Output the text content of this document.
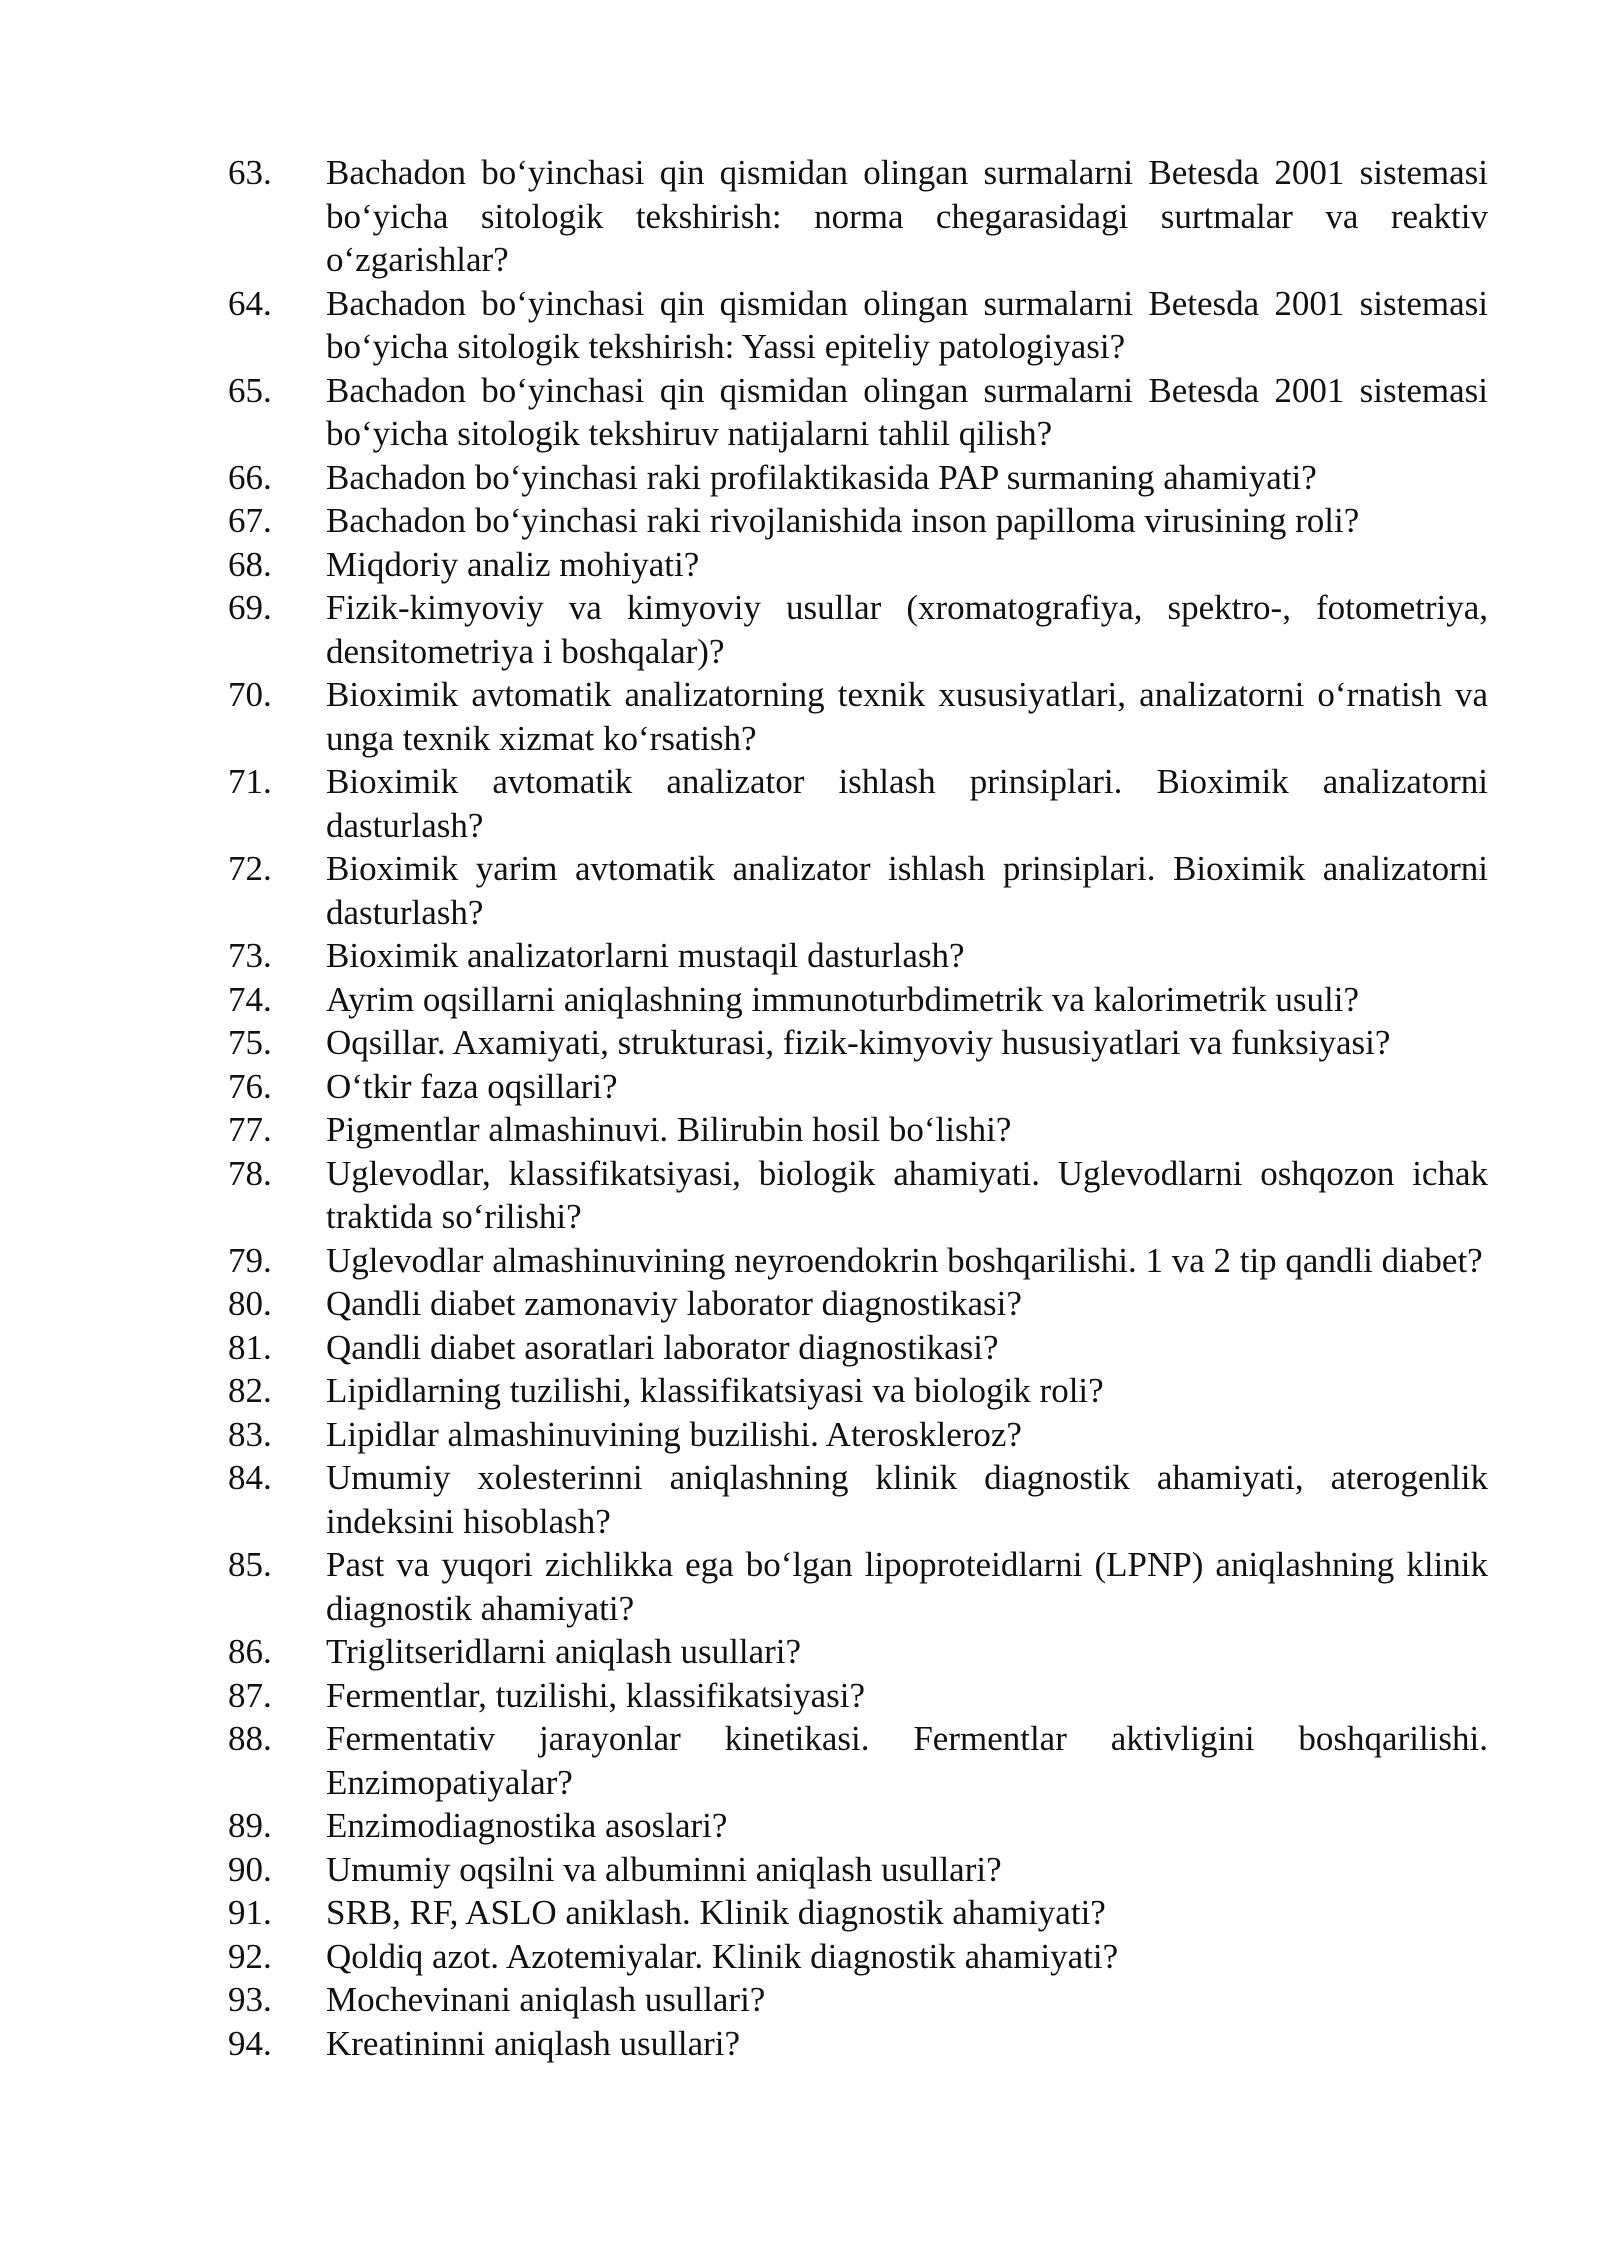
63.	Bachadon bo‘yinchasi qin qismidan olingan surmalarni Betesda 2001 sistemasi bo‘yicha sitologik tekshirish: norma chegarasidagi surtmalar va reaktiv o‘zgarishlar?
64.	Bachadon bo‘yinchasi qin qismidan olingan surmalarni Betesda 2001 sistemasi bo‘yicha sitologik tekshirish: Yassi epiteliy patologiyasi?
65.	Bachadon bo‘yinchasi qin qismidan olingan surmalarni Betesda 2001 sistemasi bo‘yicha sitologik tekshiruv natijalarni tahlil qilish?
66.	Bachadon bo‘yinchasi raki profilaktikasida PAP surmaning ahamiyati?
67.	Bachadon bo‘yinchasi raki rivojlanishida inson papilloma virusining roli?
68.	Miqdoriy analiz mohiyati?
69.	Fizik-kimyoviy va kimyoviy usullar (xromatografiya, spektro-, fotometriya, densitometriya i boshqalar)?
70.	Bioximik avtomatik analizatorning texnik xususiyatlari, analizatorni o‘rnatish va unga texnik xizmat ko‘rsatish?
71.	Bioximik avtomatik analizator ishlash prinsiplari. Bioximik analizatorni dasturlash?
72.	Bioximik yarim avtomatik analizator ishlash prinsiplari. Bioximik analizatorni dasturlash?
73.	Bioximik analizatorlarni mustaqil dasturlash?
74.	Ayrim oqsillarni aniqlashning immunoturbdimetrik va kalorimetrik usuli?
75.	Oqsillar. Axamiyati, strukturasi, fizik-kimyoviy hususiyatlari va funksiyasi?
76.	O‘tkir faza oqsillari?
77.	Pigmentlar almashinuvi. Bilirubin hosil bo‘lishi?
78.	Uglevodlar, klassifikatsiyasi, biologik ahamiyati. Uglevodlarni oshqozon ichak traktida so‘rilishi?
79.	Uglevodlar almashinuvining neyroendokrin boshqarilishi. 1 va 2 tip qandli diabet?
80.	Qandli diabet zamonaviy laborator diagnostikasi?
81.	Qandli diabet asoratlari laborator diagnostikasi?
82.	Lipidlarning tuzilishi, klassifikatsiyasi va biologik roli?
83.	Lipidlar almashinuvining buzilishi. Ateroskleroz?
84.	Umumiy xolesterinni aniqlashning klinik diagnostik ahamiyati, aterogenlik indeksini hisoblash?
85.	Past va yuqori zichlikka ega bo‘lgan lipoproteidlarni (LPNP) aniqlashning klinik diagnostik ahamiyati?
86.	Triglitseridlarni aniqlash usullari?
87.	Fermentlar, tuzilishi, klassifikatsiyasi?
88.	Fermentativ jarayonlar kinetikasi. Fermentlar aktivligini boshqarilishi. Enzimopatiyalar?
89.	Enzimodiagnostika asoslari?
90.	Umumiy oqsilni va albuminni aniqlash usullari?
91.	SRB, RF, ASLO aniklash. Klinik diagnostik ahamiyati?
92.	Qoldiq azot. Azotemiyalar. Klinik diagnostik ahamiyati?
93.	Mochevinani aniqlash usullari?
94.	Kreatininni aniqlash usullari?
